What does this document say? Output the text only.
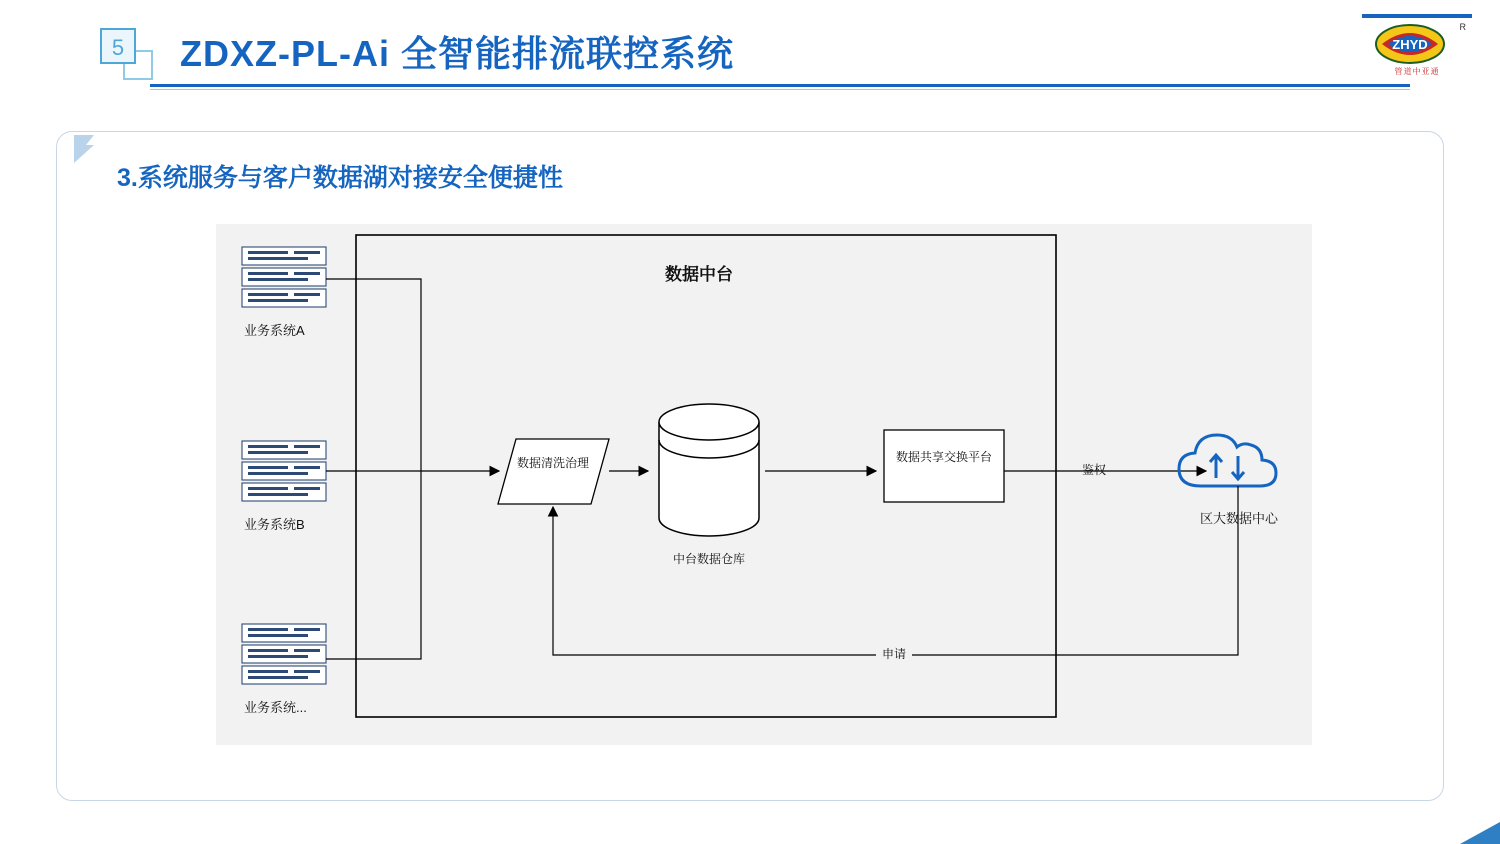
5	ZDXZ-PL-Ai 全智能排流联控系统	ZHYD
R
管道中亚通
3.系统服务与客户数据湖对接安全便捷性
数据中台
业务系统A
业务系统B
业务系统...
数据清洗治理
中台数据仓库
数据共享交换平台
区大数据中心
鉴权
申请
